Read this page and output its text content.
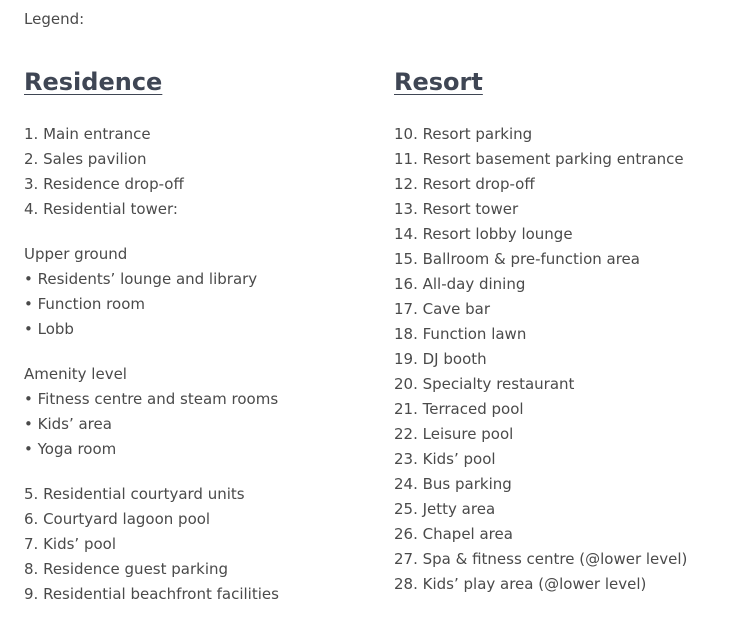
Legend:
Residence
1. Main entrance
2. Sales pavilion
3. Residence drop-off
4. Residential tower:
Upper ground
• Residents’ lounge and library
• Function room
• Lobb
Amenity level
• Fitness centre and steam rooms
• Kids’ area
• Yoga room
5. Residential courtyard units
6. Courtyard lagoon pool
7. Kids’ pool
8. Residence guest parking
9. Residential beachfront facilities
Resort
10. Resort parking
11. Resort basement parking entrance
12. Resort drop-off
13. Resort tower
14. Resort lobby lounge
15. Ballroom & pre-function area
16. All-day dining
17. Cave bar
18. Function lawn
19. DJ booth
20. Specialty restaurant
21. Terraced pool
22. Leisure pool
23. Kids’ pool
24. Bus parking
25. Jetty area
26. Chapel area
27. Spa & fitness centre (@lower level)
28. Kids’ play area (@lower level)
